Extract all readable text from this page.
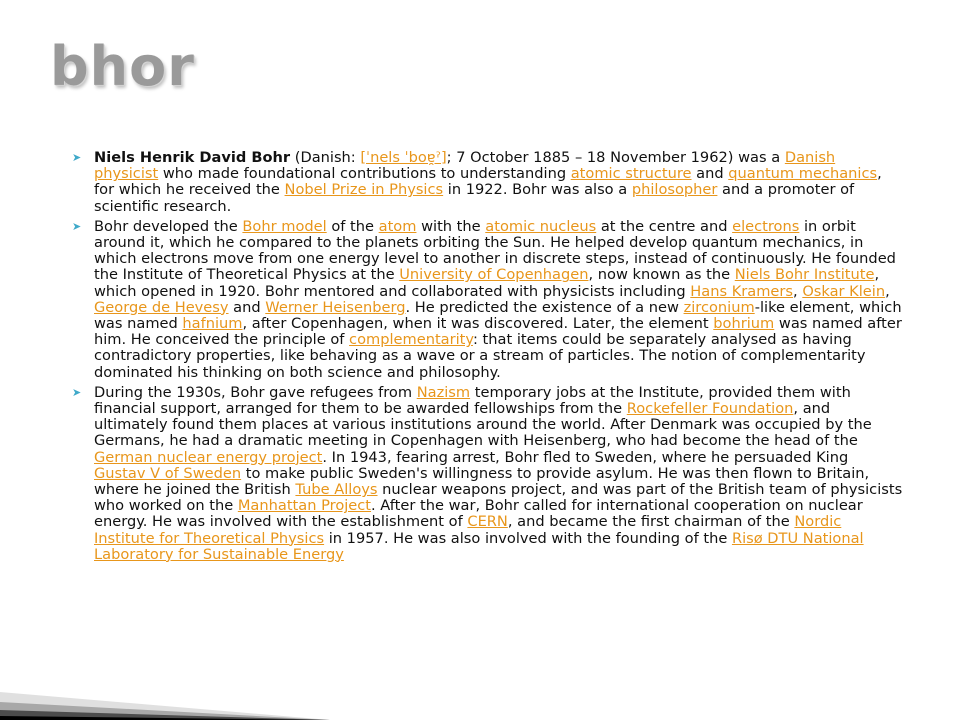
bhor
➤ Niels Henrik David Bohr (Danish: [ˈnels ˈboɐ̯ˀ]; 7 October 1885 – 18 November 1962) was a Danish physicist who made foundational contributions to understanding atomic structure and quantum mechanics, for which he received the Nobel Prize in Physics in 1922. Bohr was also a philosopher and a promoter of scientific research.
➤ Bohr developed the Bohr model of the atom with the atomic nucleus at the centre and electrons in orbit around it, which he compared to the planets orbiting the Sun. He helped develop quantum mechanics, in which electrons move from one energy level to another in discrete steps, instead of continuously. He founded the Institute of Theoretical Physics at the University of Copenhagen, now known as the Niels Bohr Institute, which opened in 1920. Bohr mentored and collaborated with physicists including Hans Kramers, Oskar Klein, George de Hevesy and Werner Heisenberg. He predicted the existence of a new zirconium-like element, which was named hafnium, after Copenhagen, when it was discovered. Later, the element bohrium was named after him. He conceived the principle of complementarity: that items could be separately analysed as having contradictory properties, like behaving as a wave or a stream of particles. The notion of complementarity dominated his thinking on both science and philosophy.
➤ During the 1930s, Bohr gave refugees from Nazism temporary jobs at the Institute, provided them with financial support, arranged for them to be awarded fellowships from the Rockefeller Foundation, and ultimately found them places at various institutions around the world. After Denmark was occupied by the Germans, he had a dramatic meeting in Copenhagen with Heisenberg, who had become the head of the German nuclear energy project. In 1943, fearing arrest, Bohr fled to Sweden, where he persuaded King Gustav V of Sweden to make public Sweden's willingness to provide asylum. He was then flown to Britain, where he joined the British Tube Alloys nuclear weapons project, and was part of the British team of physicists who worked on the Manhattan Project. After the war, Bohr called for international cooperation on nuclear energy. He was involved with the establishment of CERN, and became the first chairman of the Nordic Institute for Theoretical Physics in 1957. He was also involved with the founding of the Risø DTU National Laboratory for Sustainable Energy
